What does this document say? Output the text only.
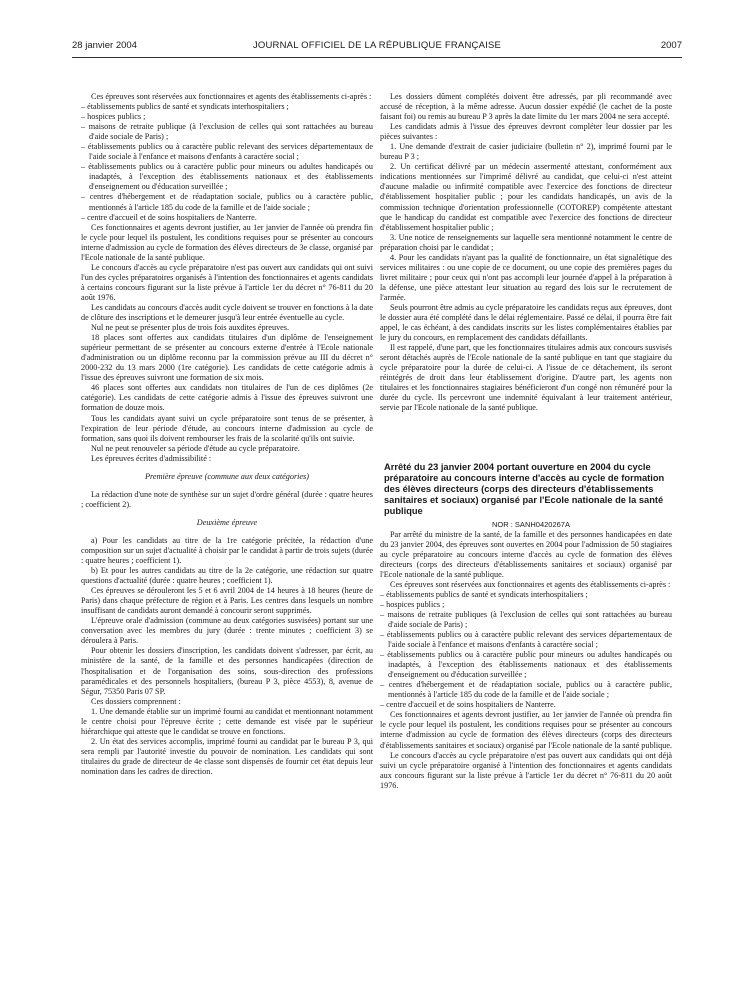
28 janvier 2004	JOURNAL OFFICIEL DE LA RÉPUBLIQUE FRANÇAISE	2007

Ces épreuves sont réservées aux fonctionnaires et agents des établissements ci-après :

– établissements publics de santé et syndicats interhospitaliers ;
– hospices publics ;
– maisons de retraite publique (à l'exclusion de celles qui sont rattachées au bureau d'aide sociale de Paris) ;
– établissements publics ou à caractère public relevant des services départementaux de l'aide sociale à l'enfance et maisons d'enfants à caractère social ;
– établissements publics ou à caractère public pour mineurs ou adultes handicapés ou inadaptés, à l'exception des établissements nationaux et des établissements d'enseignement ou d'éducation surveillée ;
– centres d'hébergement et de réadaptation sociale, publics ou à caractère public, mentionnés à l'article 185 du code de la famille et de l'aide sociale ;
– centre d'accueil et de soins hospitaliers de Nanterre.

Ces fonctionnaires et agents devront justifier, au 1er janvier de l'année où prendra fin le cycle pour lequel ils postulent, les conditions requises pour se présenter au concours interne d'admission au cycle de formation des élèves directeurs de 3e classe, organisé par l'Ecole nationale de la santé publique.

Le concours d'accès au cycle préparatoire n'est pas ouvert aux candidats qui ont suivi l'un des cycles préparatoires organisés à l'intention des fonctionnaires et agents candidats à certains concours figurant sur la liste prévue à l'article 1er du décret n° 76-811 du 20 août 1976.

Les candidats au concours d'accès audit cycle doivent se trouver en fonctions à la date de clôture des inscriptions et le demeurer jusqu'à leur entrée éventuelle au cycle.

Nul ne peut se présenter plus de trois fois auxdites épreuves.

18 places sont offertes aux candidats titulaires d'un diplôme de l'enseignement supérieur permettant de se présenter au concours externe d'entrée à l'Ecole nationale d'administration ou un diplôme reconnu par la commission prévue au III du décret n° 2000-232 du 13 mars 2000 (1re catégorie). Les candidats de cette catégorie admis à l'issue des épreuves suivront une formation de six mois.

46 places sont offertes aux candidats non titulaires de l'un de ces diplômes (2e catégorie). Les candidats de cette catégorie admis à l'issue des épreuves suivront une formation de douze mois.

Tous les candidats ayant suivi un cycle préparatoire sont tenus de se présenter, à l'expiration de leur période d'étude, au concours interne d'admission au cycle de formation, sans quoi ils doivent rembourser les frais de la scolarité qu'ils ont suivie.

Nul ne peut renouveler sa période d'étude au cycle préparatoire.

Les épreuves écrites d'admissibilité :

Première épreuve (commune aux deux catégories)

La rédaction d'une note de synthèse sur un sujet d'ordre général (durée : quatre heures ; coefficient 2).

Deuxième épreuve

a) Pour les candidats au titre de la 1re catégorie précitée, la rédaction d'une composition sur un sujet d'actualité à choisir par le candidat à partir de trois sujets (durée : quatre heures ; coefficient 1).

b) Et pour les autres candidats au titre de la 2e catégorie, une rédaction sur quatre questions d'actualité (durée : quatre heures ; coefficient 1).

Ces épreuves se dérouleront les 5 et 6 avril 2004 de 14 heures à 18 heures (heure de Paris) dans chaque préfecture de région et à Paris. Les centres dans lesquels un nombre insuffisant de candidats auront demandé à concourir seront supprimés.

L'épreuve orale d'admission (commune au deux catégories susvisées) portant sur une conversation avec les membres du jury (durée : trente minutes ; coefficient 3) se déroulera à Paris.

Pour obtenir les dossiers d'inscription, les candidats doivent s'adresser, par écrit, au ministère de la santé, de la famille et des personnes handicapées (direction de l'hospitalisation et de l'organisation des soins, sous-direction des professions paramédicales et des personnels hospitaliers, (bureau P 3, pièce 4553), 8, avenue de Ségur, 75350 Paris 07 SP.

Ces dossiers comprennent :

1. Une demande établie sur un imprimé fourni au candidat et mentionnant notamment le centre choisi pour l'épreuve écrite ; cette demande est visée par le supérieur hiérarchique qui atteste que le candidat se trouve en fonctions.

2. Un état des services accomplis, imprimé fourni au candidat par le bureau P 3, qui sera rempli par l'autorité investie du pouvoir de nomination. Les candidats qui sont titulaires du grade de directeur de 4e classe sont dispensés de fournir cet état depuis leur nomination dans les cadres de direction.

Les dossiers dûment complétés doivent être adressés, par pli recommandé avec accusé de réception, à la même adresse. Aucun dossier expédié (le cachet de la poste faisant foi) ou remis au bureau P 3 après la date limite du 1er mars 2004 ne sera accepté.

Les candidats admis à l'issue des épreuves devront compléter leur dossier par les pièces suivantes :

1. Une demande d'extrait de casier judiciaire (bulletin n° 2), imprimé fourni par le bureau P 3 ;

2. Un certificat délivré par un médecin assermenté attestant, conformément aux indications mentionnées sur l'imprimé délivré au candidat, que celui-ci n'est atteint d'aucune maladie ou infirmité compatible avec l'exercice des fonctions de directeur d'établissement hospitalier public ; pour les candidats handicapés, un avis de la commission technique d'orientation professionnelle (COTOREP) compétente attestant que le handicap du candidat est compatible avec l'exercice des fonctions de directeur d'établissement hospitalier public ;

3. Une notice de renseignements sur laquelle sera mentionné notamment le centre de préparation choisi par le candidat ;

4. Pour les candidats n'ayant pas la qualité de fonctionnaire, un état signalétique des services militaires : ou une copie de ce document, ou une copie des premières pages du livret militaire ; pour ceux qui n'ont pas accompli leur journée d'appel à la préparation à la défense, une pièce attestant leur situation au regard des lois sur le recrutement de l'armée.

Seuls pourront être admis au cycle préparatoire les candidats reçus aux épreuves, dont le dossier aura été complété dans le délai réglementaire. Passé ce délai, il pourra être fait appel, le cas échéant, à des candidats inscrits sur les listes complémentaires établies par le jury du concours, en remplacement des candidats défaillants.

Il est rappelé, d'une part, que les fonctionnaires titulaires admis aux concours susvisés seront détachés auprès de l'Ecole nationale de la santé publique en tant que stagiaire du cycle préparatoire pour la durée de celui-ci. A l'issue de ce détachement, ils seront réintégrés de droit dans leur établissement d'origine. D'autre part, les agents non titulaires et les fonctionnaires stagiaires bénéficieront d'un congé non rémunéré pour la durée du cycle. Ils percevront une indemnité équivalant à leur traitement antérieur, servie par l'Ecole nationale de la santé publique.

Arrêté du 23 janvier 2004 portant ouverture en 2004 du cycle préparatoire au concours interne d'accès au cycle de formation des élèves directeurs (corps des directeurs d'établissements sanitaires et sociaux) organisé par l'Ecole nationale de la santé publique

NOR : SANH0420267A

Par arrêté du ministre de la santé, de la famille et des personnes handicapées en date du 23 janvier 2004, des épreuves sont ouvertes en 2004 pour l'admission de 50 stagiaires au cycle préparatoire au concours interne d'accès au cycle de formation des élèves directeurs (corps des directeurs d'établissements sanitaires et sociaux) organisé par l'Ecole nationale de la santé publique.

Ces épreuves sont réservées aux fonctionnaires et agents des établissements ci-après :

– établissements publics de santé et syndicats interhospitaliers ;
– hospices publics ;
– maisons de retraite publiques (à l'exclusion de celles qui sont rattachées au bureau d'aide sociale de Paris) ;
– établissements publics ou à caractère public relevant des services départementaux de l'aide sociale à l'enfance et maisons d'enfants à caractère social ;
– établissements publics ou à caractère public pour mineurs ou adultes handicapés ou inadaptés, à l'exception des établissements nationaux et des établissements d'enseignement ou d'éducation surveillée ;
– centres d'hébergement et de réadaptation sociale, publics ou à caractère public, mentionnés à l'article 185 du code de la famille et de l'aide sociale ;
– centre d'accueil et de soins hospitaliers de Nanterre.

Ces fonctionnaires et agents devront justifier, au 1er janvier de l'année où prendra fin le cycle pour lequel ils postulent, les conditions requises pour se présenter au concours interne d'admission au cycle de formation des élèves directeurs (corps des directeurs d'établissements sanitaires et sociaux) organisé par l'Ecole nationale de la santé publique.

Le concours d'accès au cycle préparatoire n'est pas ouvert aux candidats qui ont déjà suivi un cycle préparatoire organisé à l'intention des fonctionnaires et agents candidats aux concours figurant sur la liste prévue à l'article 1er du décret n° 76-811 du 20 août 1976.
